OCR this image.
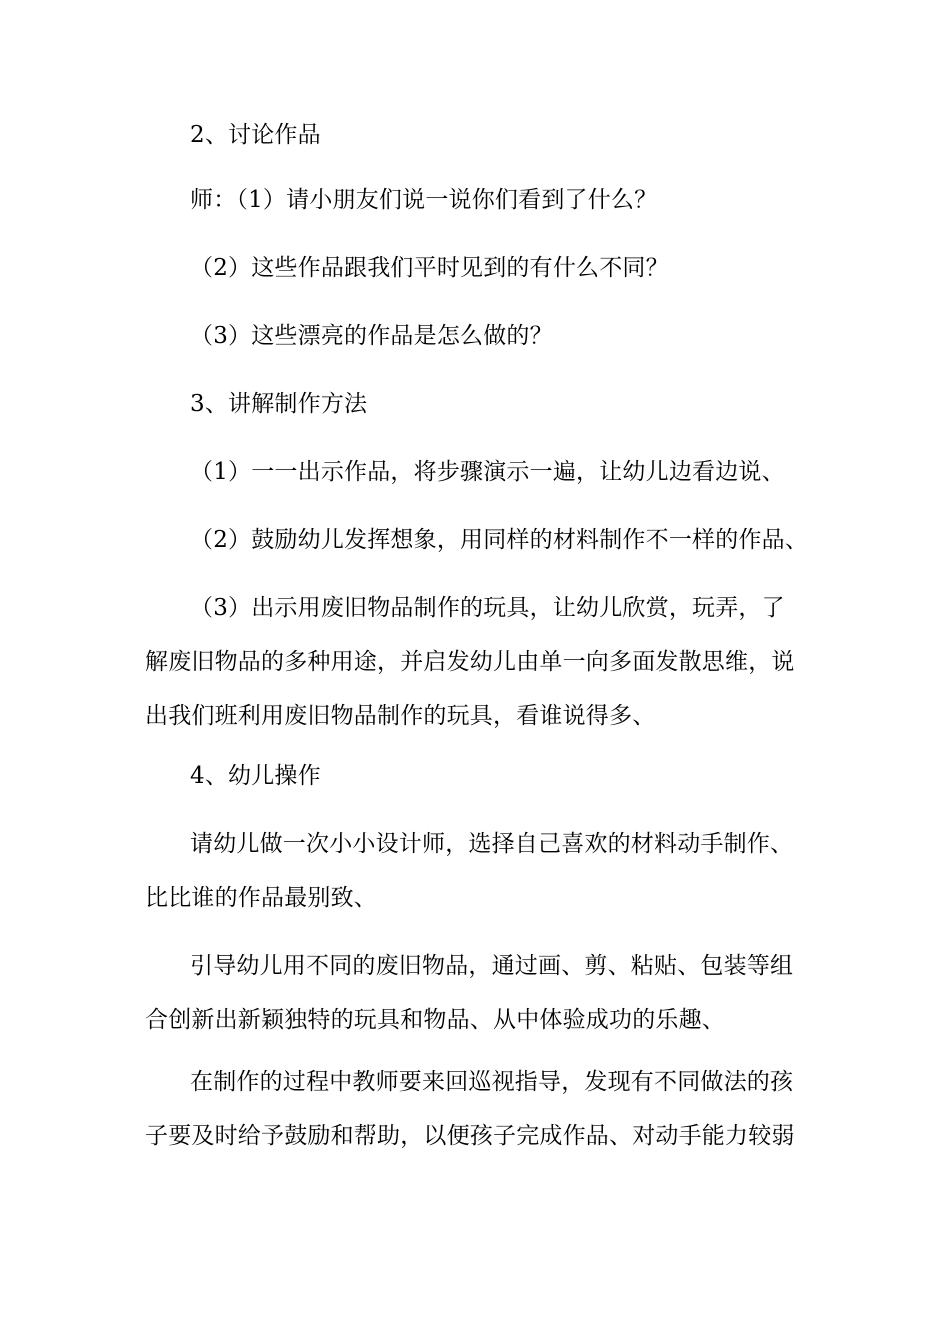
2、讨论作品
师：（1）请小朋友们说一说你们看到了什么？
（2）这些作品跟我们平时见到的有什么不同？
（3）这些漂亮的作品是怎么做的？
3、讲解制作方法
（1）一一出示作品，将步骤演示一遍，让幼儿边看边说、
（2）鼓励幼儿发挥想象，用同样的材料制作不一样的作品、
（3）出示用废旧物品制作的玩具，让幼儿欣赏，玩弄，了
解废旧物品的多种用途，并启发幼儿由单一向多面发散思维，说
出我们班利用废旧物品制作的玩具，看谁说得多、
4、幼儿操作
请幼儿做一次小小设计师，选择自己喜欢的材料动手制作、
比比谁的作品最别致、
引导幼儿用不同的废旧物品，通过画、剪、粘贴、包装等组
合创新出新颖独特的玩具和物品、从中体验成功的乐趣、
在制作的过程中教师要来回巡视指导，发现有不同做法的孩
子要及时给予鼓励和帮助，以便孩子完成作品、对动手能力较弱
